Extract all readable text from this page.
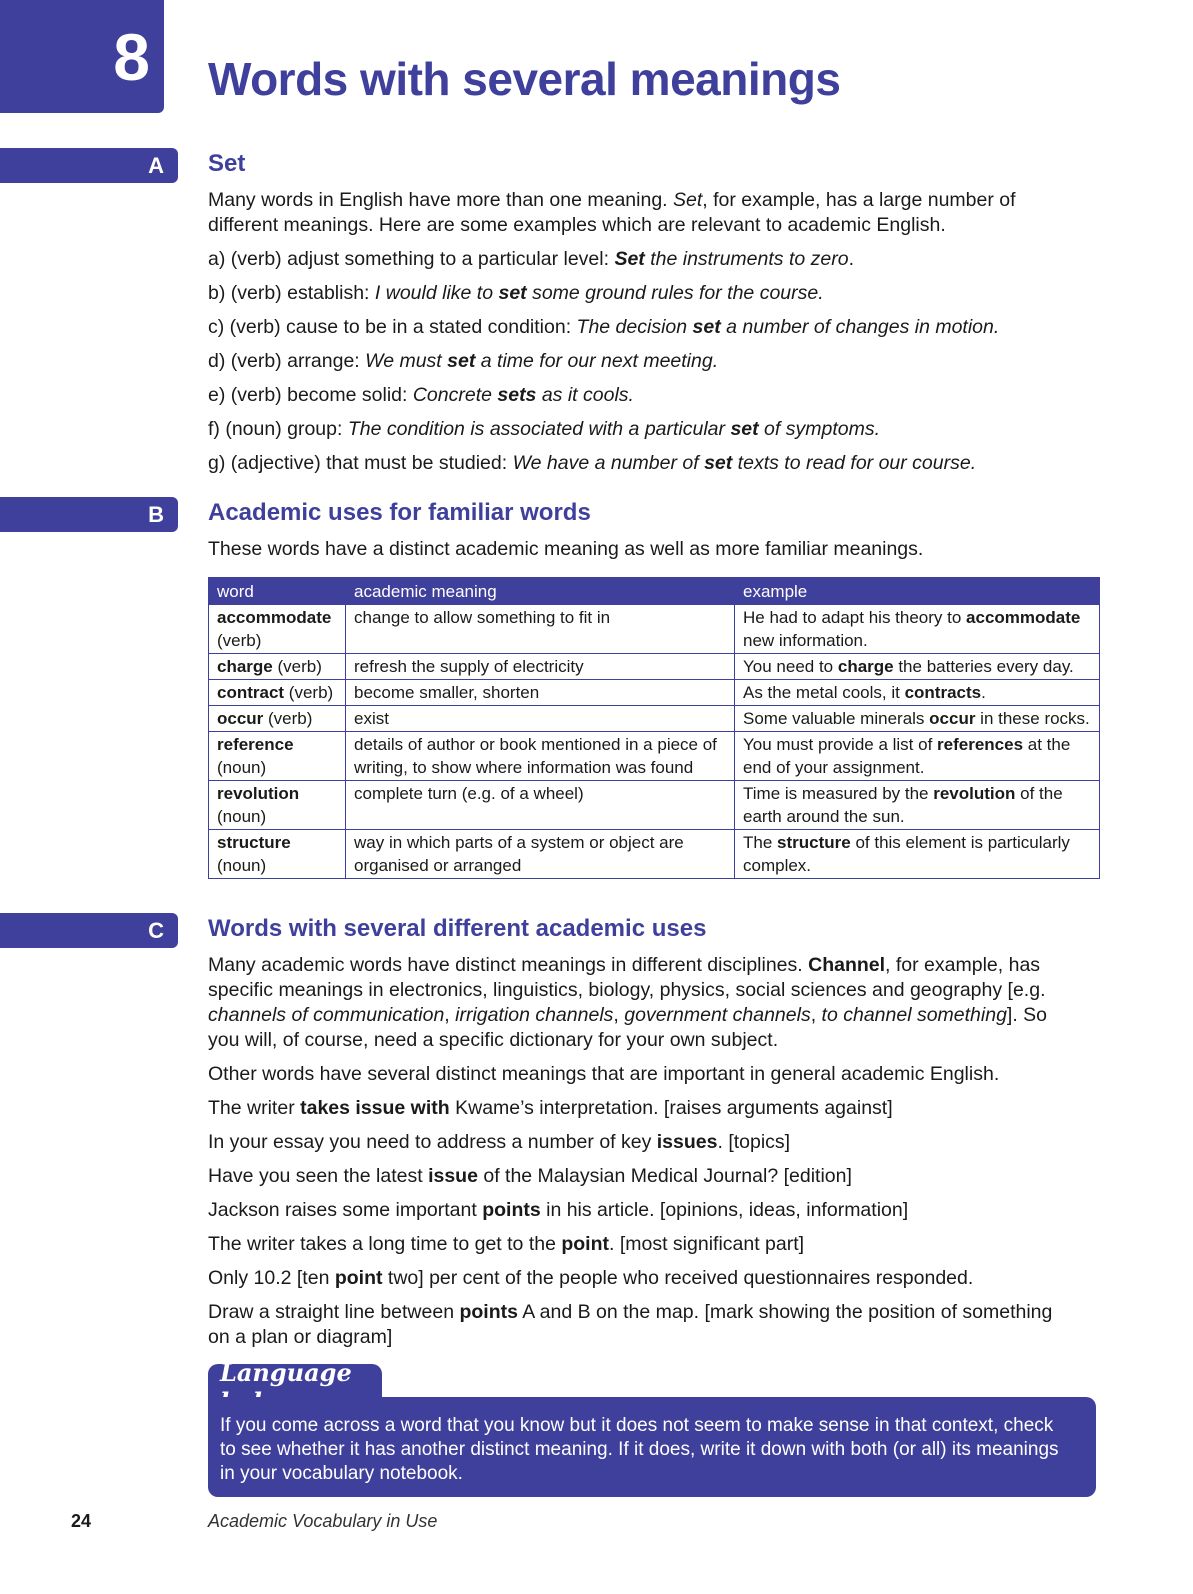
8 Words with several meanings
A Set

Many words in English have more than one meaning. Set, for example, has a large number of different meanings. Here are some examples which are relevant to academic English.

a) (verb) adjust something to a particular level: Set the instruments to zero.

b) (verb) establish: I would like to set some ground rules for the course.

c) (verb) cause to be in a stated condition: The decision set a number of changes in motion.

d) (verb) arrange: We must set a time for our next meeting.

e) (verb) become solid: Concrete sets as it cools.

f) (noun) group: The condition is associated with a particular set of symptoms.

g) (adjective) that must be studied: We have a number of set texts to read for our course.

B Academic uses for familiar words

These words have a distinct academic meaning as well as more familiar meanings.

word	academic meaning	example
accommodate (verb)	change to allow something to fit in	He had to adapt his theory to accommodate new information.
charge (verb)	refresh the supply of electricity	You need to charge the batteries every day.
contract (verb)	become smaller, shorten	As the metal cools, it contracts.
occur (verb)	exist	Some valuable minerals occur in these rocks.
reference (noun)	details of author or book mentioned in a piece of writing, to show where information was found	You must provide a list of references at the end of your assignment.
revolution (noun)	complete turn (e.g. of a wheel)	Time is measured by the revolution of the earth around the sun.
structure (noun)	way in which parts of a system or object are organised or arranged	The structure of this element is particularly complex.
C Words with several different academic uses

Many academic words have distinct meanings in different disciplines. Channel, for example, has specific meanings in electronics, linguistics, biology, physics, social sciences and geography [e.g. channels of communication, irrigation channels, government channels, to channel something]. So you will, of course, need a specific dictionary for your own subject.

Other words have several distinct meanings that are important in general academic English.

The writer takes issue with Kwame’s interpretation. [raises arguments against]

In your essay you need to address a number of key issues. [topics]

Have you seen the latest issue of the Malaysian Medical Journal? [edition]

Jackson raises some important points in his article. [opinions, ideas, information]

The writer takes a long time to get to the point. [most significant part]

Only 10.2 [ten point two] per cent of the people who received questionnaires responded.

Draw a straight line between points A and B on the map. [mark showing the position of something on a plan or diagram]

Language
If you come across a word that you know but it does not seem to make sense in that context, check to see whether it has another distinct meaning. If it does, write it down with both (or all) its meanings in your vocabulary notebook.
24	Academic Vocabulary in Use
